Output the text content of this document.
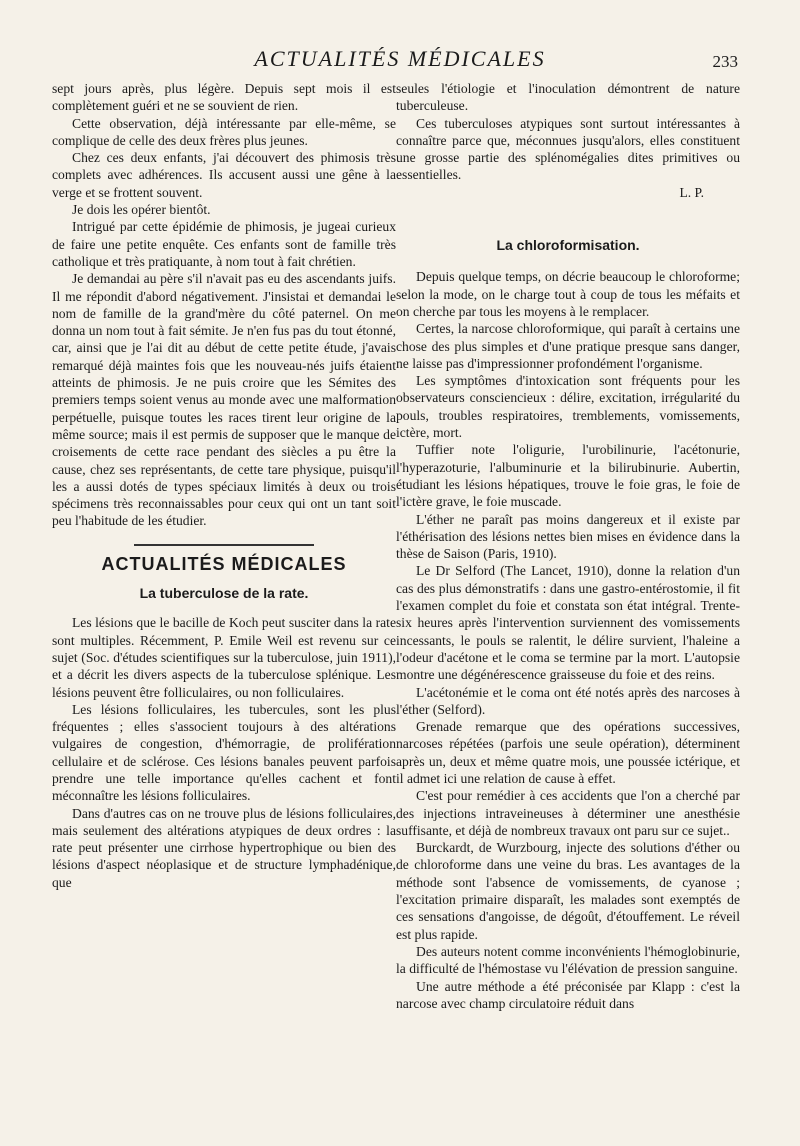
ACTUALITÉS MÉDICALES	233

sept jours après, plus légère. Depuis sept mois il est complètement guéri et ne se souvient de rien.

Cette observation, déjà intéressante par elle-même, se complique de celle des deux frères plus jeunes.

Chez ces deux enfants, j'ai découvert des phimosis très complets avec adhérences. Ils accusent aussi une gêne à la verge et se frottent souvent.

Je dois les opérer bientôt.

Intrigué par cette épidémie de phimosis, je jugeai curieux de faire une petite enquête. Ces enfants sont de famille très catholique et très pratiquante, à nom tout à fait chrétien.

Je demandai au père s'il n'avait pas eu des ascendants juifs. Il me répondit d'abord négativement. J'insistai et demandai le nom de famille de la grand'mère du côté paternel. On me donna un nom tout à fait sémite. Je n'en fus pas du tout étonné, car, ainsi que je l'ai dit au début de cette petite étude, j'avais remarqué déjà maintes fois que les nouveau-nés juifs étaient atteints de phimosis. Je ne puis croire que les Sémites des premiers temps soient venus au monde avec une malformation perpétuelle, puisque toutes les races tirent leur origine de la même source; mais il est permis de supposer que le manque de croisements de cette race pendant des siècles a pu être la cause, chez ses représentants, de cette tare physique, puisqu'il les a aussi dotés de types spéciaux limités à deux ou trois spécimens très reconnaissables pour ceux qui ont un tant soit peu l'habitude de les étudier.

ACTUALITÉS MÉDICALES
La tuberculose de la rate.

Les lésions que le bacille de Koch peut susciter dans la rate sont multiples. Récemment, P. Emile Weil est revenu sur ce sujet (Soc. d'études scientifiques sur la tuberculose, juin 1911), et a décrit les divers aspects de la tuberculose splénique. Les lésions peuvent être folliculaires, ou non folliculaires.

Les lésions folliculaires, les tubercules, sont les plus fréquentes ; elles s'associent toujours à des altérations vulgaires de congestion, d'hémorragie, de prolifération cellulaire et de sclérose. Ces lésions banales peuvent parfois prendre une telle importance qu'elles cachent et font méconnaître les lésions folliculaires.

Dans d'autres cas on ne trouve plus de lésions folliculaires, mais seulement des altérations atypiques de deux ordres : la rate peut présenter une cirrhose hypertrophique ou bien des lésions d'aspect néoplasique et de structure lymphadénique, que

seules l'étiologie et l'inoculation démontrent de nature tuberculeuse.

Ces tuberculoses atypiques sont surtout intéressantes à connaître parce que, méconnues jusqu'alors, elles constituent une grosse partie des splénomégalies dites primitives ou essentielles.

L. P.

La chloroformisation.

Depuis quelque temps, on décrie beaucoup le chloroforme; selon la mode, on le charge tout à coup de tous les méfaits et on cherche par tous les moyens à le remplacer.

Certes, la narcose chloroformique, qui paraît à certains une chose des plus simples et d'une pratique presque sans danger, ne laisse pas d'impressionner profondément l'organisme.

Les symptômes d'intoxication sont fréquents pour les observateurs consciencieux : délire, excitation, irrégularité du pouls, troubles respiratoires, tremblements, vomissements, ictère, mort.

Tuffier note l'oligurie, l'urobilinurie, l'acétonurie, l'hyperazoturie, l'albuminurie et la bilirubinurie. Aubertin, étudiant les lésions hépatiques, trouve le foie gras, le foie de l'ictère grave, le foie muscade.

L'éther ne paraît pas moins dangereux et il existe par l'éthérisation des lésions nettes bien mises en évidence dans la thèse de Saison (Paris, 1910).

Le Dr Selford (The Lancet, 1910), donne la relation d'un cas des plus démonstratifs : dans une gastro-entérostomie, il fit l'examen complet du foie et constata son état intégral. Trente-six heures après l'intervention surviennent des vomissements incessants, le pouls se ralentit, le délire survient, l'haleine a l'odeur d'acétone et le coma se termine par la mort. L'autopsie montre une dégénérescence graisseuse du foie et des reins.

L'acétonémie et le coma ont été notés après des narcoses à l'éther (Selford).

Grenade remarque que des opérations successives, narcoses répétées (parfois une seule opération), déterminent après un, deux et même quatre mois, une poussée ictérique, et il admet ici une relation de cause à effet.

C'est pour remédier à ces accidents que l'on a cherché par des injections intraveineuses à déterminer une anesthésie suffisante, et déjà de nombreux travaux ont paru sur ce sujet..

Burckardt, de Wurzbourg, injecte des solutions d'éther ou de chloroforme dans une veine du bras. Les avantages de la méthode sont l'absence de vomissements, de cyanose ; l'excitation primaire disparaît, les malades sont exemptés de ces sensations d'angoisse, de dégoût, d'étouffement. Le réveil est plus rapide.

Des auteurs notent comme inconvénients l'hémoglobinurie, la difficulté de l'hémostase vu l'élévation de pression sanguine.

Une autre méthode a été préconisée par Klapp : c'est la narcose avec champ circulatoire réduit dans
